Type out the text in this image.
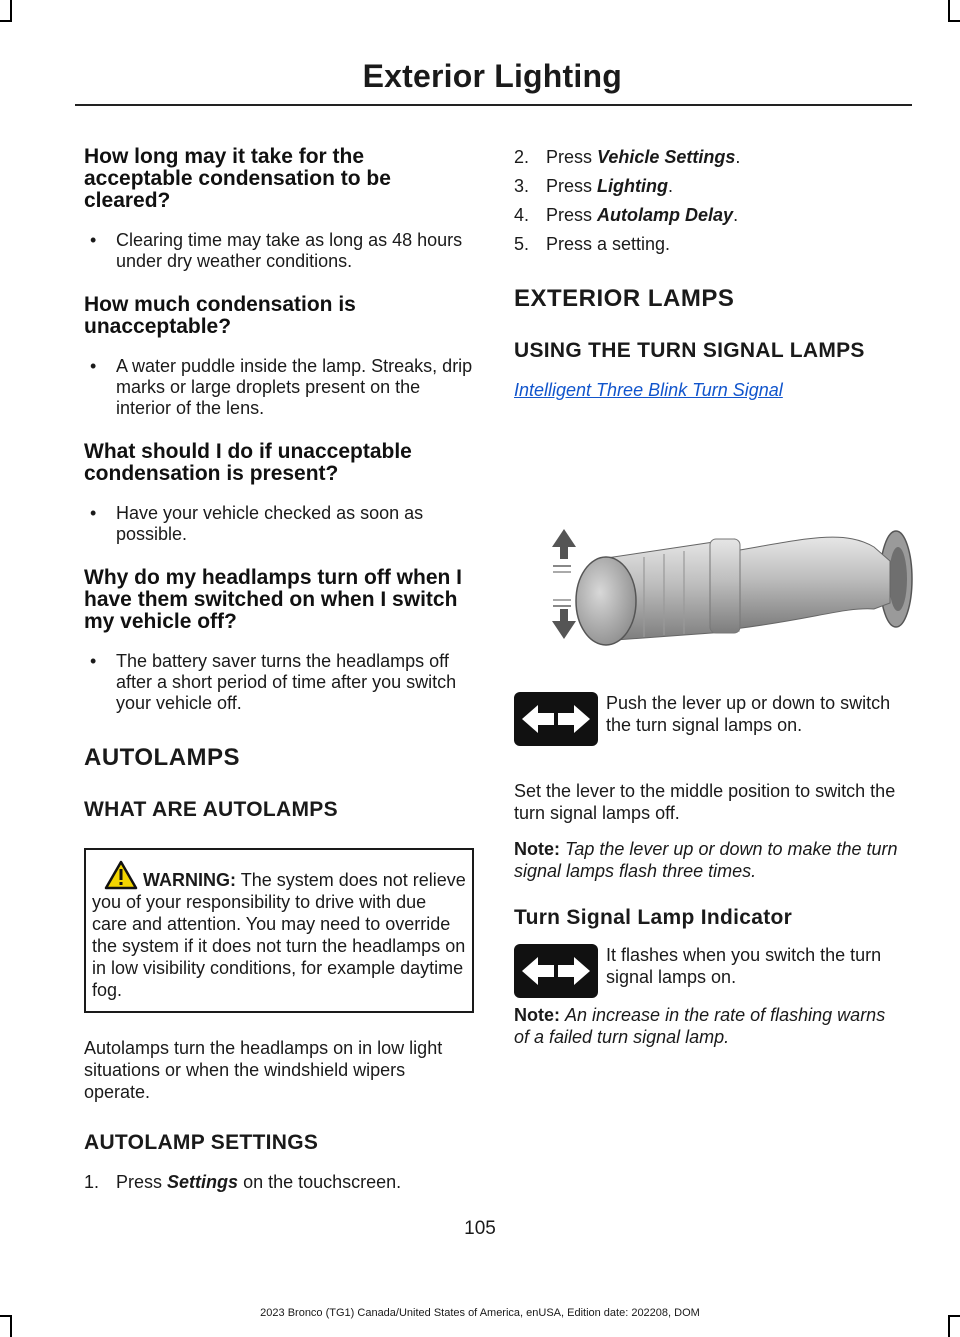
Exterior Lighting
How long may it take for the acceptable condensation to be cleared?
• Clearing time may take as long as 48 hours under dry weather conditions.
How much condensation is unacceptable?
• A water puddle inside the lamp. Streaks, drip marks or large droplets present on the interior of the lens.
What should I do if unacceptable condensation is present?
• Have your vehicle checked as soon as possible.
Why do my headlamps turn off when I have them switched on when I switch my vehicle off?
• The battery saver turns the headlamps off after a short period of time after you switch your vehicle off.
AUTOLAMPS
WHAT ARE AUTOLAMPS
WARNING: The system does not relieve you of your responsibility to drive with due care and attention. You may need to override the system if it does not turn the headlamps on in low visibility conditions, for example daytime fog.

Autolamps turn the headlamps on in low light situations or when the windshield wipers operate.

AUTOLAMP SETTINGS
1. Press Settings on the touchscreen.
2. Press Vehicle Settings.
3. Press Lighting.
4. Press Autolamp Delay.
5. Press a setting.
EXTERIOR LAMPS
USING THE TURN SIGNAL LAMPS
Intelligent Three Blink Turn Signal
Push the lever up or down to switch the turn signal lamps on.

Set the lever to the middle position to switch the turn signal lamps off.

Note: Tap the lever up or down to make the turn signal lamps flash three times.
Turn Signal Lamp Indicator
It flashes when you switch the turn signal lamps on.
Note: An increase in the rate of flashing warns of a failed turn signal lamp.
105
2023 Bronco (TG1) Canada/United States of America, enUSA, Edition date: 202208, DOM
